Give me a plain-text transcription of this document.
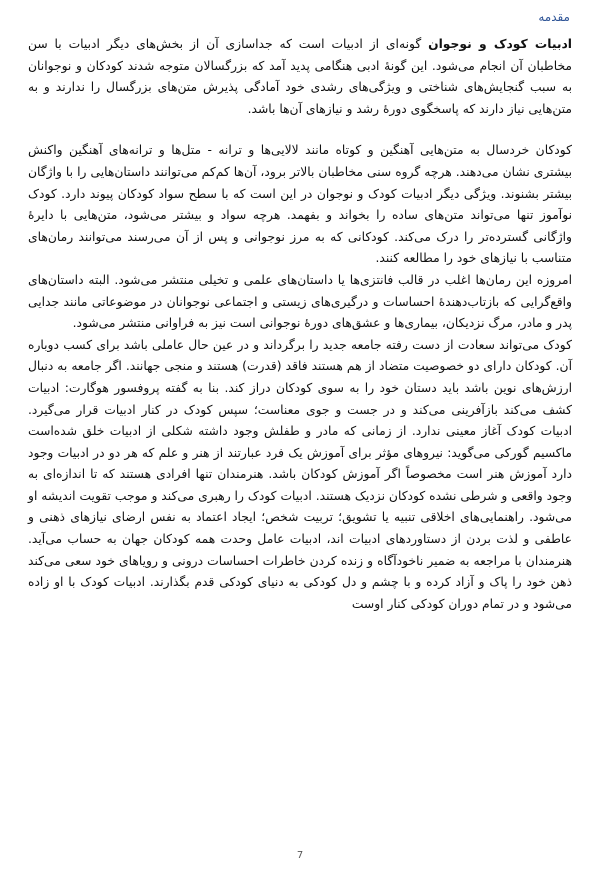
مقدمه

ادبیات کودک و نوجوان گونه‌ای از ادبیات است که جداسازی آن از بخش‌های دیگر ادبیات با سن مخاطبان آن انجام می‌شود. این گونهٔ ادبی هنگامی پدید آمد که بزرگسالان متوجه شدند کودکان و نوجوانان به سبب گنجایش‌های شناختی و ویژگی‌های رشدی خود آمادگی پذیرش متن‌های بزرگسال را ندارند و به متن‌هایی نیاز دارند که پاسخگوی دورهٔ رشد و نیازهای آن‌ها باشد.

کودکان خردسال به متن‌هایی آهنگین و کوتاه مانند لالایی‌ها و ترانه - متل‌ها و ترانه‌های آهنگین واکنش بیشتری نشان می‌دهند. هرچه گروه سنی مخاطبان بالاتر برود، آن‌ها کم‌کم می‌توانند داستان‌هایی را با واژگان بیشتر بشنوند. ویژگی دیگر ادبیات کودک و نوجوان در این است که با سطح سواد کودکان پیوند دارد. کودک نوآموز تنها می‌تواند متن‌های ساده را بخواند و بفهمد. هرچه سواد و بیشتر می‌شود، متن‌هایی با دایرهٔ واژگانی گسترده‌تر را درک می‌کند. کودکانی که به مرز نوجوانی و پس از آن می‌رسند می‌توانند رمان‌های متناسب با نیازهای خود را مطالعه کنند.

امروزه این رمان‌ها اغلب در قالب فانتزی‌ها یا داستان‌های علمی و تخیلی منتشر می‌شود. البته داستان‌های واقع‌گرایی که بازتاب‌دهندهٔ احساسات و درگیری‌های زیستی و اجتماعی نوجوانان در موضوعاتی مانند جدایی پدر و مادر، مرگ نزدیکان، بیماری‌ها و عشق‌های دورهٔ نوجوانی است نیز به فراوانی منتشر می‌شود.

کودک می‌تواند سعادت از دست رفته جامعه جدید را برگرداند و در عین حال عاملی باشد برای کسب دوباره آن. کودکان دارای دو خصوصیت متضاد از هم هستند فاقد (قدرت) هستند و منجی جهانند. اگر جامعه به دنبال ارزش‌های نوین باشد باید دستان خود را به سوی کودکان دراز کند. بنا به گفته پروفسور هوگارت: ادبیات کشف می‌کند بازآفرینی می‌کند و در جست و جوی معناست؛ سپس کودک در کنار ادبیات قرار می‌گیرد. ادبیات کودک آغاز معینی ندارد. از زمانی که مادر و طفلش وجود داشته شکلی از ادبیات خلق شده‌است ماکسیم گورکی می‌گوید: نیروهای مؤثر برای آموزش یک فرد عبارتند از هنر و علم که هر دو در ادبیات وجود دارد آموزش هنر است مخصوصاً اگر آموزش کودکان باشد. هنرمندان تنها افرادی هستند که تا اندازه‌ای به وجود واقعی و شرطی نشده کودکان نزدیک هستند. ادبیات کودک را رهبری می‌کند و موجب تقویت اندیشه او می‌شود. راهنمایی‌های اخلاقی تنبیه یا تشویق؛ تربیت شخص؛ ایجاد اعتماد به نفس ارضای نیازهای ذهنی و عاطفی و لذت بردن از دستاوردهای ادبیات اند، ادبیات عامل وحدت همه کودکان جهان به حساب می‌آید. هنرمندان با مراجعه به ضمیر ناخودآگاه و زنده کردن خاطرات احساسات درونی و رویاهای خود سعی می‌کند ذهن خود را پاک و آزاد کرده و با چشم و دل کودکی به دنیای کودکی قدم بگذارند. ادبیات کودک با او زاده می‌شود و در تمام دوران کودکی کنار اوست

7
